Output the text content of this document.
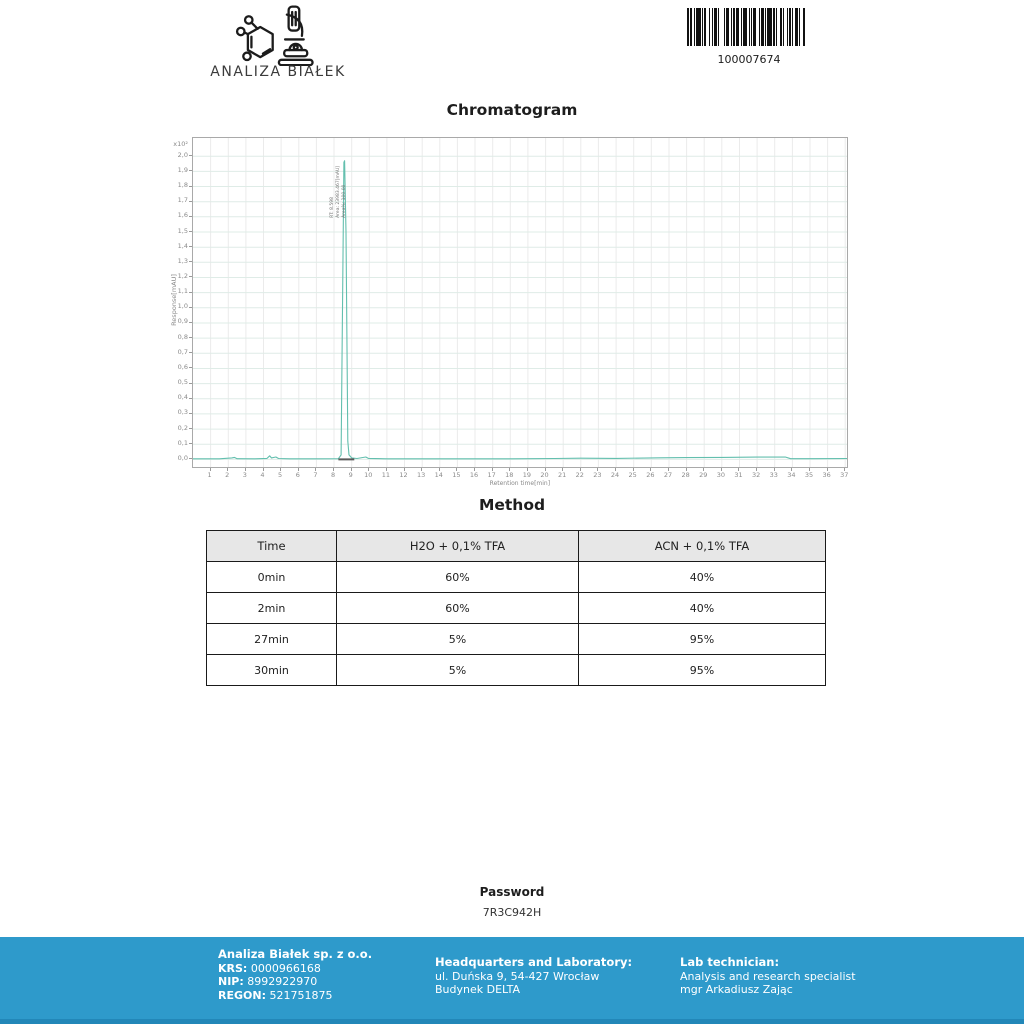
ANALIZA BIAŁEK
100007674
Chromatogram
x10²
Response[mAU]
Retention time[min]
RT: 8.598 Area: 23983.467[mAU] Area%: 100.00
2,0
1,9
1,8
1,7
1,6
1,5
1,4
1,3
1,2
1,1
1,0
0,9
0,8
0,7
0,6
0,5
0,4
0,3
0,2
0,1
0,0
1	2	3	4	5	6	7	8	9	10	11	12	13	14	15	16	17	18	19	20	21	22	23	24	25	26	27	28	29	30	31	32	33	34	35	36	37
Method
Time	H2O + 0,1% TFA	ACN + 0,1% TFA
0min	60%	40%
2min	60%	40%
27min	5%	95%
30min	5%	95%
Password
7R3C942H
Analiza Białek sp. z o.o.
KRS: 0000966168
NIP: 8992922970
REGON: 521751875
Headquarters and Laboratory:
ul. Duńska 9, 54-427 Wrocław
Budynek DELTA
Lab technician:
Analysis and research specialist
mgr Arkadiusz Zając
